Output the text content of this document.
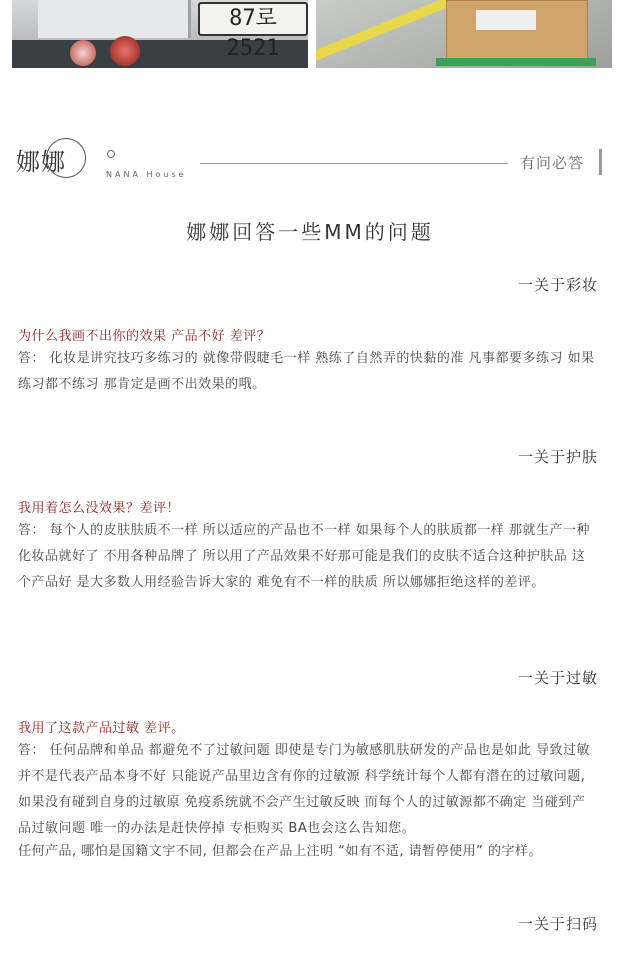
87로 2521
娜娜	NANA House
有问必答
娜娜回答一些MM的问题
一关于彩妆
为什么我画不出你的效果 产品不好 差评？
答： 化妆是讲究技巧多练习的 就像带假睫毛一样 熟练了自然弄的快黏的准 凡事都要多练习 如果练习都不练习 那肯定是画不出效果的哦。
一关于护肤
我用着怎么没效果？差评！
答： 每个人的皮肤肤质不一样 所以适应的产品也不一样 如果每个人的肤质都一样 那就生产一种化妆品就好了 不用各种品牌了 所以用了产品效果不好那可能是我们的皮肤不适合这种护肤品 这个产品好 是大多数人用经验告诉大家的 难免有不一样的肤质 所以娜娜拒绝这样的差评。
一关于过敏
我用了这款产品过敏 差评。
答： 任何品牌和单品 都避免不了过敏问题 即使是专门为敏感肌肤研发的产品也是如此 导致过敏并不是代表产品本身不好 只能说产品里边含有你的过敏源 科学统计每个人都有潜在的过敏问题, 如果没有碰到自身的过敏原 免疫系统就不会产生过敏反映 而每个人的过敏源都不确定 当碰到产品过敏问题 唯一的办法是赶快停掉 专柜购买 BA也会这么告知您。
任何产品, 哪怕是国籍文字不同, 但都会在产品上注明 “如有不适, 请暂停使用” 的字样。
一关于扫码
